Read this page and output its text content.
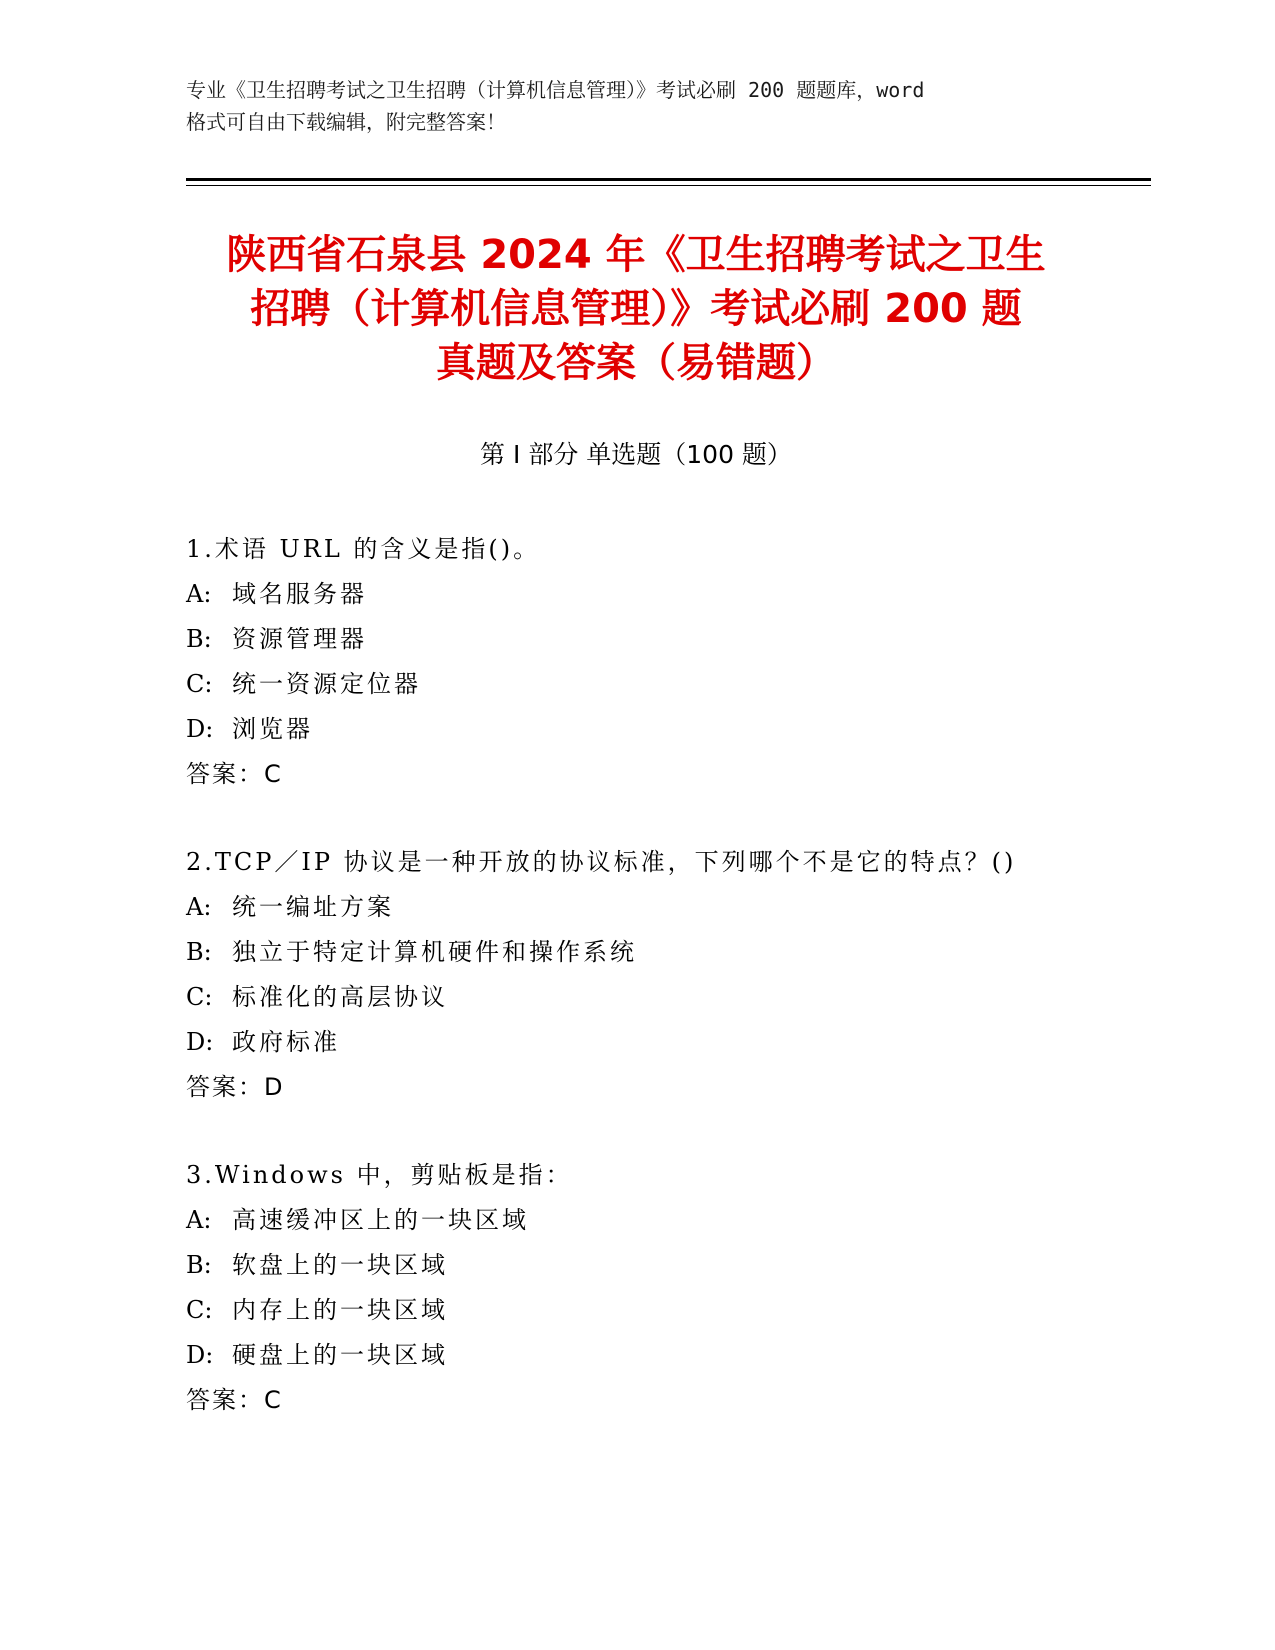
专业《卫生招聘考试之卫生招聘（计算机信息管理）》考试必刷 200 题题库，word
格式可自由下载编辑，附完整答案！
陕西省石泉县 2024 年《卫生招聘考试之卫生
招聘（计算机信息管理）》考试必刷 200 题
真题及答案（易错题）
第 I 部分 单选题（100 题）
1.术语 URL 的含义是指()。
A: 域名服务器
B: 资源管理器
C: 统一资源定位器
D: 浏览器
答案：C
2.TCP／IP 协议是一种开放的协议标准，下列哪个不是它的特点？()
A: 统一编址方案
B: 独立于特定计算机硬件和操作系统
C: 标准化的高层协议
D: 政府标准
答案：D
3.Windows 中，剪贴板是指：
A: 高速缓冲区上的一块区域
B: 软盘上的一块区域
C: 内存上的一块区域
D: 硬盘上的一块区域
答案：C
